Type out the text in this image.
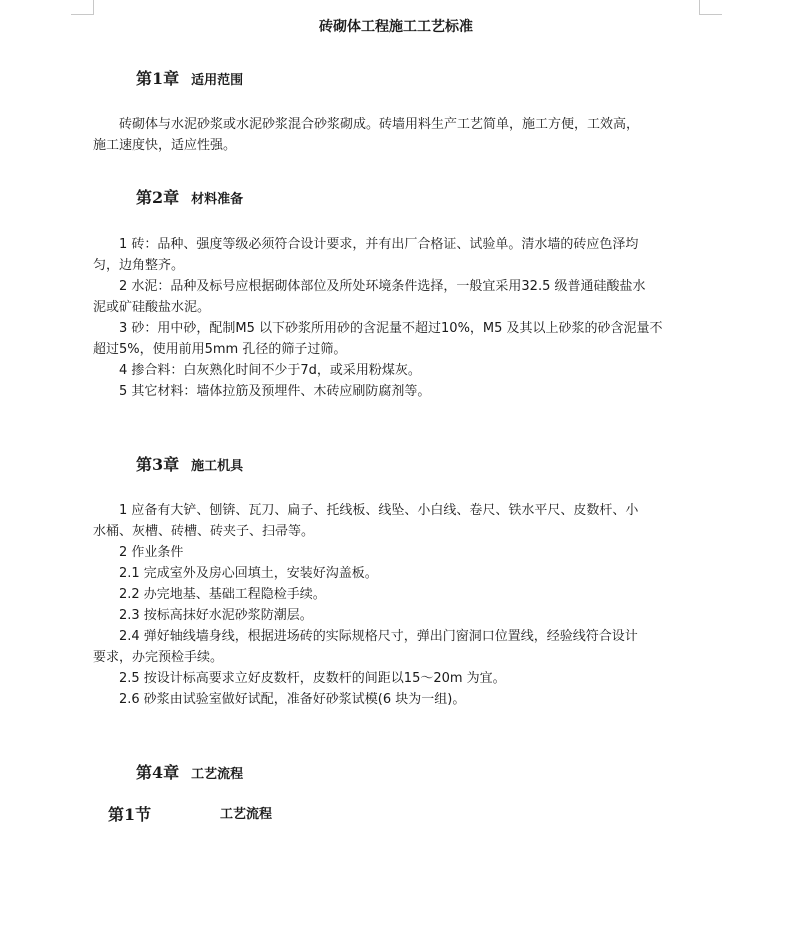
砖砌体工程施工工艺标准
第1章 适用范围

砖砌体与水泥砂浆或水泥砂浆混合砂浆砌成。砖墙用料生产工艺简单，施工方便，工效高，

施工速度快，适应性强。

第2章 材料准备

1 砖：品种、强度等级必须符合设计要求，并有出厂合格证、试验单。清水墙的砖应色泽均

匀，边角整齐。

2 水泥：品种及标号应根据砌体部位及所处环境条件选择，一般宜采用32.5 级普通硅酸盐水

泥或矿硅酸盐水泥。

3 砂：用中砂，配制M5 以下砂浆所用砂的含泥量不超过10%，M5 及其以上砂浆的砂含泥量不

超过5%，使用前用5mm 孔径的筛子过筛。

4 掺合料：白灰熟化时间不少于7d，或采用粉煤灰。

5 其它材料：墙体拉筋及预埋件、木砖应刷防腐剂等。

第3章 施工机具

1 应备有大铲、刨锛、瓦刀、扁子、托线板、线坠、小白线、卷尺、铁水平尺、皮数杆、小

水桶、灰槽、砖槽、砖夹子、扫帚等。

2 作业条件

2.1 完成室外及房心回填土，安装好沟盖板。

2.2 办完地基、基础工程隐检手续。

2.3 按标高抹好水泥砂浆防潮层。

2.4 弹好轴线墙身线，根据进场砖的实际规格尺寸，弹出门窗洞口位置线，经验线符合设计

要求，办完预检手续。

2.5 按设计标高要求立好皮数杆，皮数杆的间距以15～20m 为宜。

2.6 砂浆由试验室做好试配，准备好砂浆试模(6 块为一组)。

第4章 工艺流程
第1节	工艺流程
